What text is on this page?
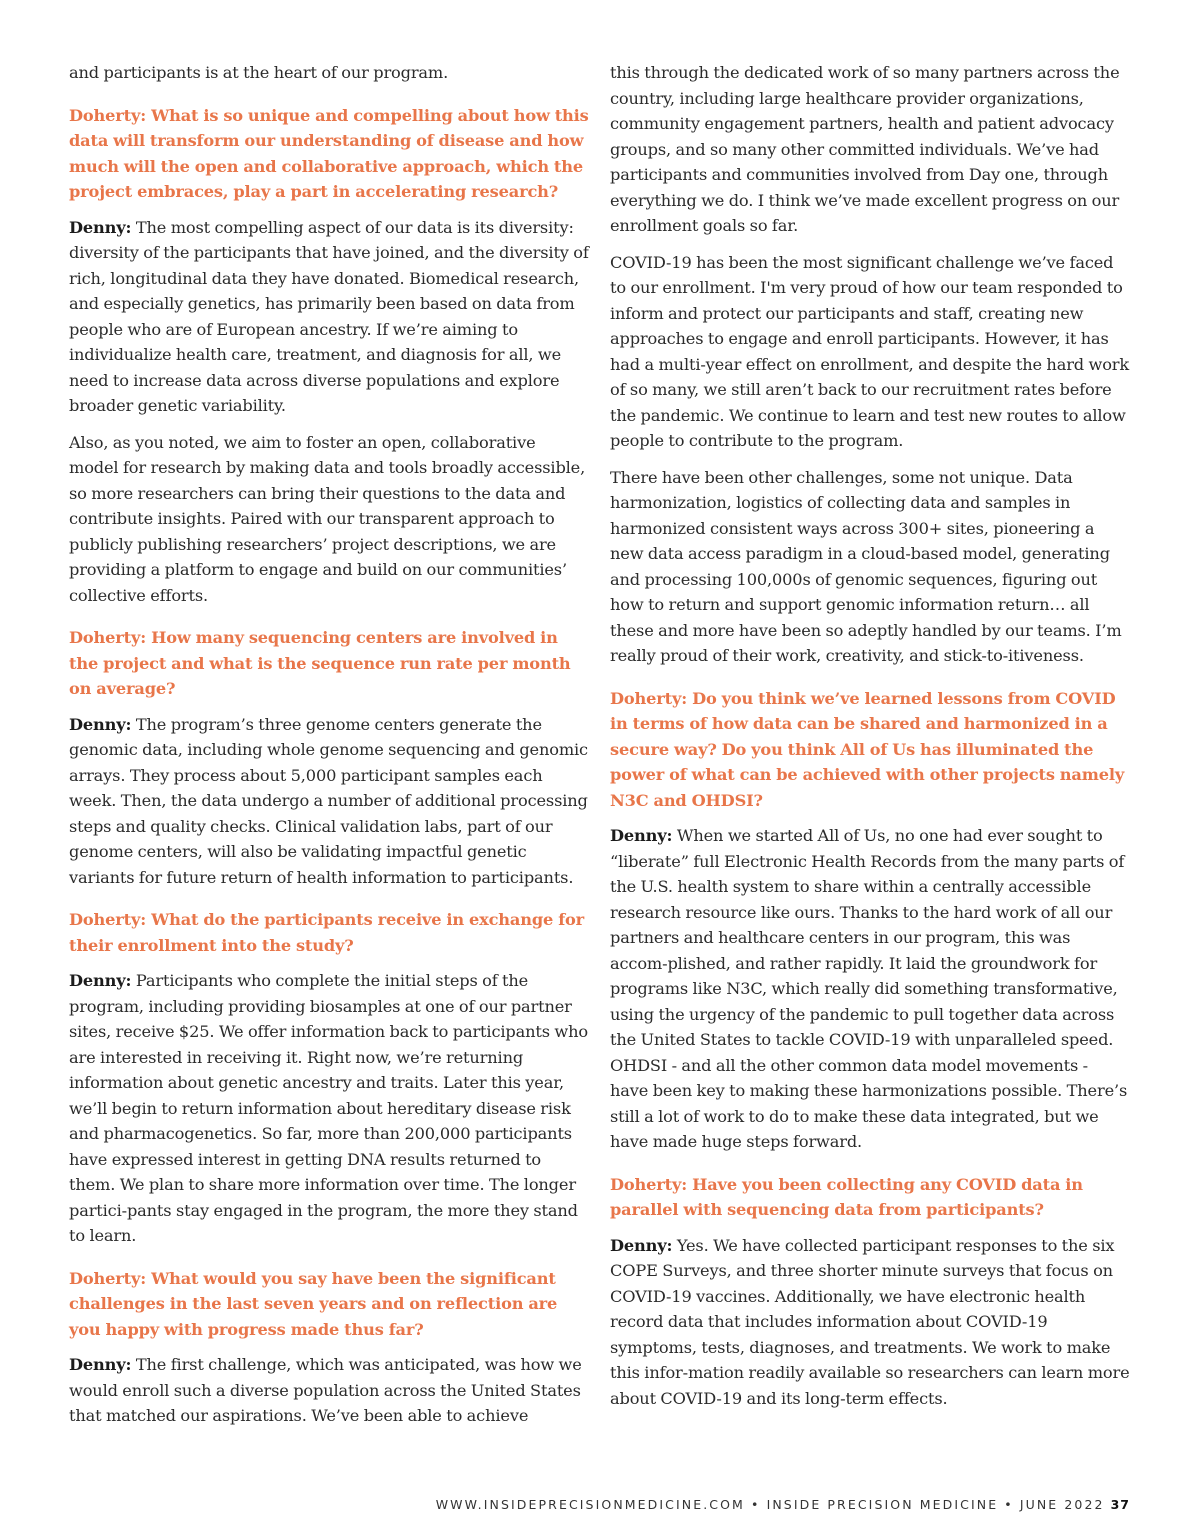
and participants is at the heart of our program.

Doherty: What is so unique and compelling about how this data will transform our understanding of disease and how much will the open and collaborative approach, which the project embraces, play a part in accelerating research?

Denny: The most compelling aspect of our data is its diversity: diversity of the participants that have joined, and the diversity of rich, longitudinal data they have donated. Biomedical research, and especially genetics, has primarily been based on data from people who are of European ancestry. If we’re aiming to individualize health care, treatment, and diagnosis for all, we need to increase data across diverse populations and explore broader genetic variability.

Also, as you noted, we aim to foster an open, collaborative model for research by making data and tools broadly accessible, so more researchers can bring their questions to the data and contribute insights. Paired with our transparent approach to publicly publishing researchers’ project descriptions, we are providing a platform to engage and build on our communities’ collective efforts.

Doherty: How many sequencing centers are involved in the project and what is the sequence run rate per month on average?

Denny: The program’s three genome centers generate the genomic data, including whole genome sequencing and genomic arrays. They process about 5,000 participant samples each week. Then, the data undergo a number of additional processing steps and quality checks. Clinical validation labs, part of our genome centers, will also be validating impactful genetic variants for future return of health information to participants.

Doherty: What do the participants receive in exchange for their enrollment into the study?

Denny: Participants who complete the initial steps of the program, including providing biosamples at one of our partner sites, receive $25. We offer information back to participants who are interested in receiving it. Right now, we’re returning information about genetic ancestry and traits. Later this year, we’ll begin to return information about hereditary disease risk and pharmacogenetics. So far, more than 200,000 participants have expressed interest in getting DNA results returned to them. We plan to share more information over time. The longer partici-pants stay engaged in the program, the more they stand to learn.

Doherty: What would you say have been the significant challenges in the last seven years and on reflection are you happy with progress made thus far?

Denny: The first challenge, which was anticipated, was how we would enroll such a diverse population across the United States that matched our aspirations. We’ve been able to achieve

this through the dedicated work of so many partners across the country, including large healthcare provider organizations, community engagement partners, health and patient advocacy groups, and so many other committed individuals. We’ve had participants and communities involved from Day one, through everything we do. I think we’ve made excellent progress on our enrollment goals so far.

COVID-19 has been the most significant challenge we’ve faced to our enrollment. I'm very proud of how our team responded to inform and protect our participants and staff, creating new approaches to engage and enroll participants. However, it has had a multi-year effect on enrollment, and despite the hard work of so many, we still aren’t back to our recruitment rates before the pandemic. We continue to learn and test new routes to allow people to contribute to the program.

There have been other challenges, some not unique. Data harmonization, logistics of collecting data and samples in harmonized consistent ways across 300+ sites, pioneering a new data access paradigm in a cloud-based model, generating and processing 100,000s of genomic sequences, figuring out how to return and support genomic information return… all these and more have been so adeptly handled by our teams. I’m really proud of their work, creativity, and stick-to-itiveness.

Doherty: Do you think we’ve learned lessons from COVID in terms of how data can be shared and harmonized in a secure way? Do you think All of Us has illuminated the power of what can be achieved with other projects namely N3C and OHDSI?

Denny: When we started All of Us, no one had ever sought to “liberate” full Electronic Health Records from the many parts of the U.S. health system to share within a centrally accessible research resource like ours. Thanks to the hard work of all our partners and healthcare centers in our program, this was accom-plished, and rather rapidly. It laid the groundwork for programs like N3C, which really did something transformative, using the urgency of the pandemic to pull together data across the United States to tackle COVID-19 with unparalleled speed. OHDSI - and all the other common data model movements - have been key to making these harmonizations possible. There’s still a lot of work to do to make these data integrated, but we have made huge steps forward.

Doherty: Have you been collecting any COVID data in parallel with sequencing data from participants?

Denny: Yes. We have collected participant responses to the six COPE Surveys, and three shorter minute surveys that focus on COVID-19 vaccines. Additionally, we have electronic health record data that includes information about COVID-19 symptoms, tests, diagnoses, and treatments. We work to make this infor-mation readily available so researchers can learn more about COVID-19 and its long-term effects.

WWW.INSIDEPRECISIONMEDICINE.COM • INSIDE PRECISION MEDICINE • JUNE 2022 37
